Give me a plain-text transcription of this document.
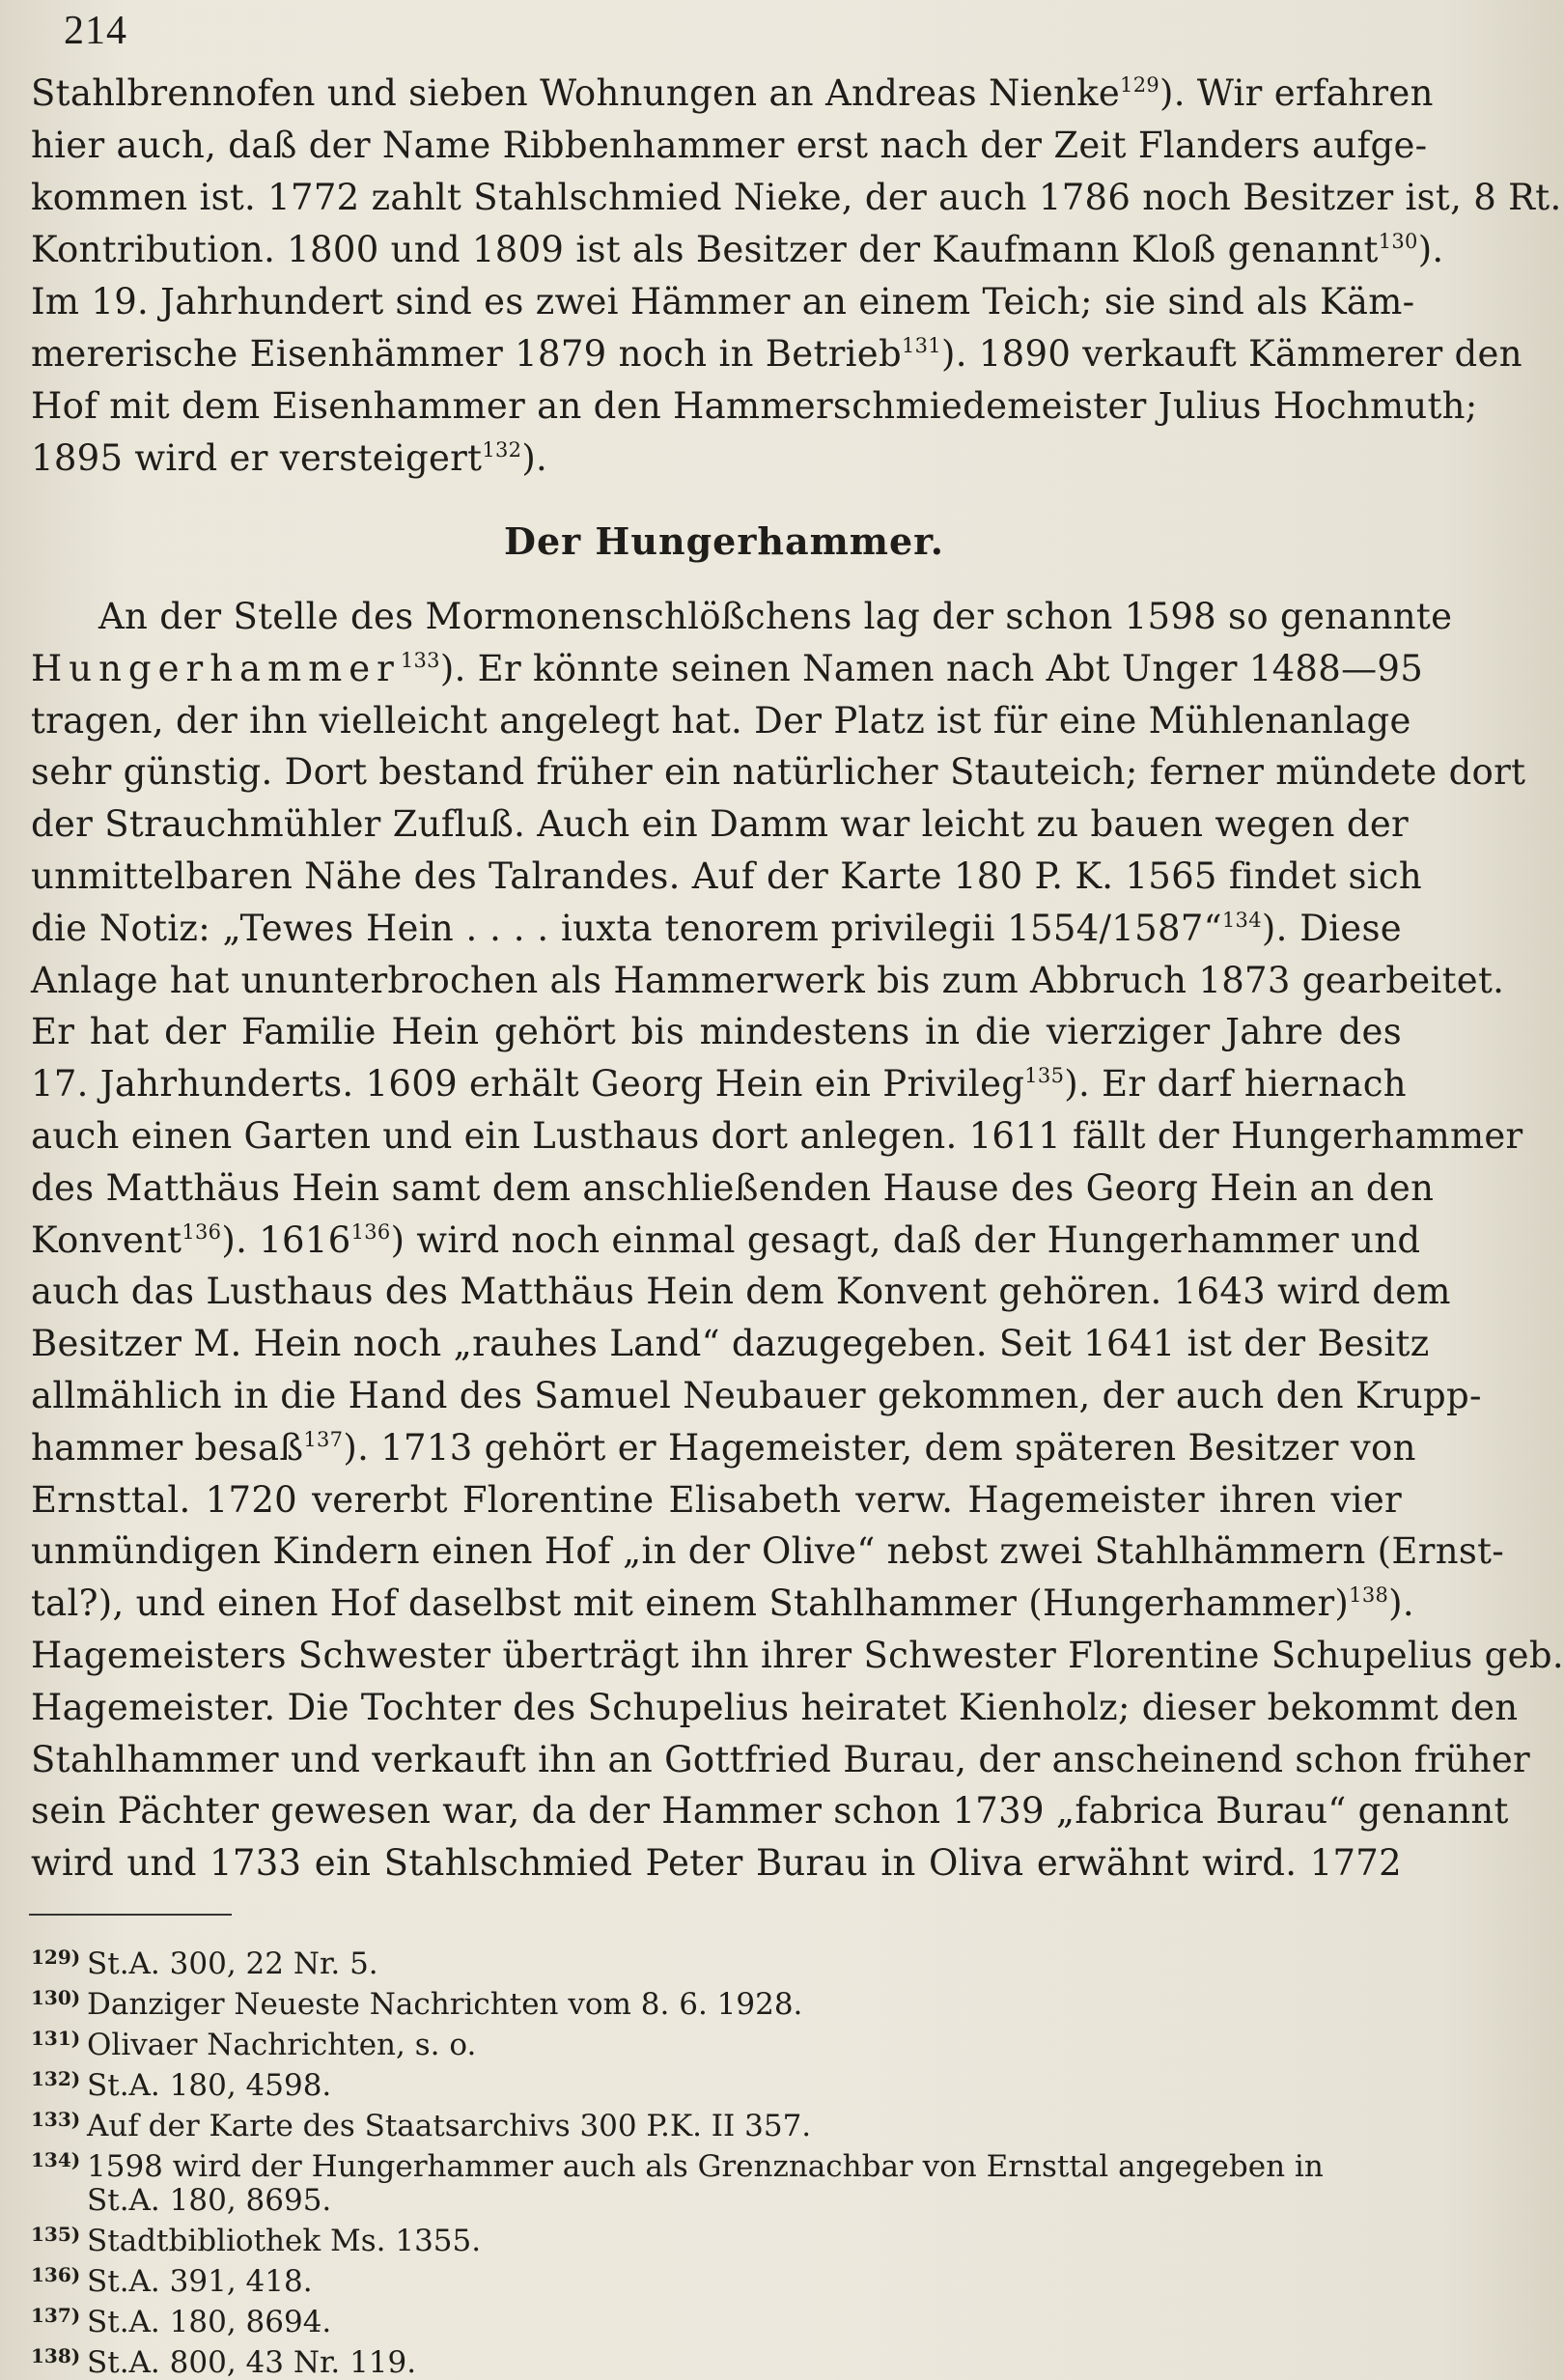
214
Stahlbrennofen und sieben Wohnungen an Andreas Nienke$^{129}$). Wir erfahren
hier auch, daß der Name Ribbenhammer erst nach der Zeit Flanders aufge-
kommen ist. 1772 zahlt Stahlschmied Nieke, der auch 1786 noch Besitzer ist, 8 Rt.
Kontribution. 1800 und 1809 ist als Besitzer der Kaufmann Kloß genannt$^{130}$).
Im 19. Jahrhundert sind es zwei Hämmer an einem Teich; sie sind als Käm-
mererische Eisenhämmer 1879 noch in Betrieb$^{131}$). 1890 verkauft Kämmerer den
Hof mit dem Eisenhammer an den Hammerschmiedemeister Julius Hochmuth;
1895 wird er versteigert$^{132}$).
Der Hungerhammer.
An der Stelle des Mormonenschlößchens lag der schon 1598 so genannte
Hungerhammer$^{133}$). Er könnte seinen Namen nach Abt Unger 1488—95
tragen, der ihn vielleicht angelegt hat. Der Platz ist für eine Mühlenanlage
sehr günstig. Dort bestand früher ein natürlicher Stauteich; ferner mündete dort
der Strauchmühler Zufluß. Auch ein Damm war leicht zu bauen wegen der
unmittelbaren Nähe des Talrandes. Auf der Karte 180 P. K. 1565 findet sich
die Notiz: „Tewes Hein . . . . iuxta tenorem privilegii 1554/1587“$^{134}$). Diese
Anlage hat ununterbrochen als Hammerwerk bis zum Abbruch 1873 gearbeitet.
Er hat der Familie Hein gehört bis mindestens in die vierziger Jahre des
17. Jahrhunderts. 1609 erhält Georg Hein ein Privileg$^{135}$). Er darf hiernach
auch einen Garten und ein Lusthaus dort anlegen. 1611 fällt der Hungerhammer
des Matthäus Hein samt dem anschließenden Hause des Georg Hein an den
Konvent$^{136}$). 1616$^{136}$) wird noch einmal gesagt, daß der Hungerhammer und
auch das Lusthaus des Matthäus Hein dem Konvent gehören. 1643 wird dem
Besitzer M. Hein noch „rauhes Land“ dazugegeben. Seit 1641 ist der Besitz
allmählich in die Hand des Samuel Neubauer gekommen, der auch den Krupp-
hammer besaß$^{137}$). 1713 gehört er Hagemeister, dem späteren Besitzer von
Ernsttal. 1720 vererbt Florentine Elisabeth verw. Hagemeister ihren vier
unmündigen Kindern einen Hof „in der Olive“ nebst zwei Stahlhämmern (Ernst-
tal?), und einen Hof daselbst mit einem Stahlhammer (Hungerhammer)$^{138}$).
Hagemeisters Schwester überträgt ihn ihrer Schwester Florentine Schupelius geb.
Hagemeister. Die Tochter des Schupelius heiratet Kienholz; dieser bekommt den
Stahlhammer und verkauft ihn an Gottfried Burau, der anscheinend schon früher
sein Pächter gewesen war, da der Hammer schon 1739 „fabrica Burau“ genannt
wird und 1733 ein Stahlschmied Peter Burau in Oliva erwähnt wird. 1772
129) St.A. 300, 22 Nr. 5.
130) Danziger Neueste Nachrichten vom 8. 6. 1928.
131) Olivaer Nachrichten, s. o.
132) St.A. 180, 4598.
133) Auf der Karte des Staatsarchivs 300 P.K. II 357.
134) 1598 wird der Hungerhammer auch als Grenznachbar von Ernsttal angegeben in
St.A. 180, 8695.
135) Stadtbibliothek Ms. 1355.
136) St.A. 391, 418.
137) St.A. 180, 8694.
138) St.A. 800, 43 Nr. 119.
